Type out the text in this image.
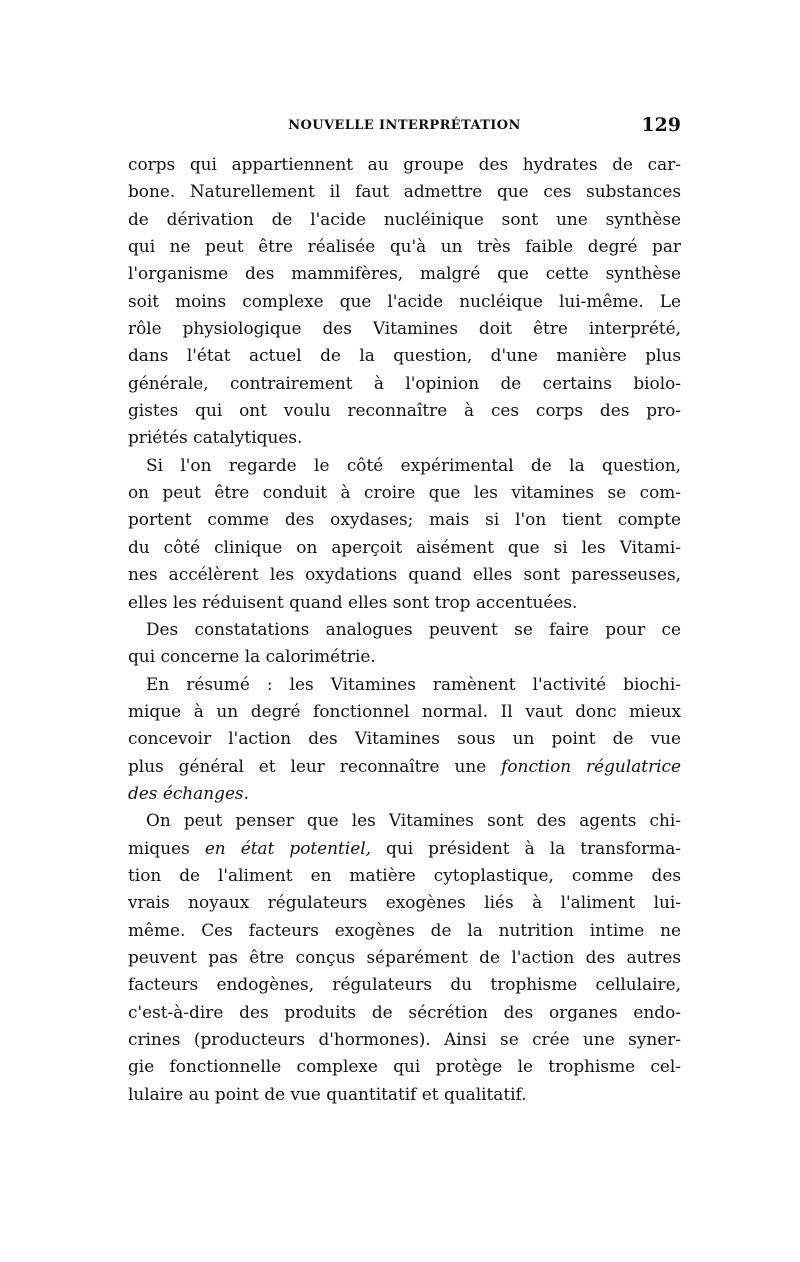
NOUVELLE INTERPRÉTATION	129
corps qui appartiennent au groupe des hydrates de car-
bone. Naturellement il faut admettre que ces substances
de dérivation de l'acide nucléinique sont une synthèse
qui ne peut être réalisée qu'à un très faible degré par
l'organisme des mammifères, malgré que cette synthèse
soit moins complexe que l'acide nucléique lui-même. Le
rôle physiologique des Vitamines doit être interprété,
dans l'état actuel de la question, d'une manière plus
générale, contrairement à l'opinion de certains biolo-
gistes qui ont voulu reconnaître à ces corps des pro-
priétés catalytiques.
Si l'on regarde le côté expérimental de la question,
on peut être conduit à croire que les vitamines se com-
portent comme des oxydases; mais si l'on tient compte
du côté clinique on aperçoit aisément que si les Vitami-
nes accélèrent les oxydations quand elles sont paresseuses,
elles les réduisent quand elles sont trop accentuées.
Des constatations analogues peuvent se faire pour ce
qui concerne la calorimétrie.
En résumé : les Vitamines ramènent l'activité biochi-
mique à un degré fonctionnel normal. Il vaut donc mieux
concevoir l'action des Vitamines sous un point de vue
plus général et leur reconnaître une fonction régulatrice
des échanges.
On peut penser que les Vitamines sont des agents chi-
miques en état potentiel, qui président à la transforma-
tion de l'aliment en matière cytoplastique, comme des
vrais noyaux régulateurs exogènes liés à l'aliment lui-
même. Ces facteurs exogènes de la nutrition intime ne
peuvent pas être conçus séparément de l'action des autres
facteurs endogènes, régulateurs du trophisme cellulaire,
c'est-à-dire des produits de sécrétion des organes endo-
crines (producteurs d'hormones). Ainsi se crée une syner-
gie fonctionnelle complexe qui protège le trophisme cel-
lulaire au point de vue quantitatif et qualitatif.
